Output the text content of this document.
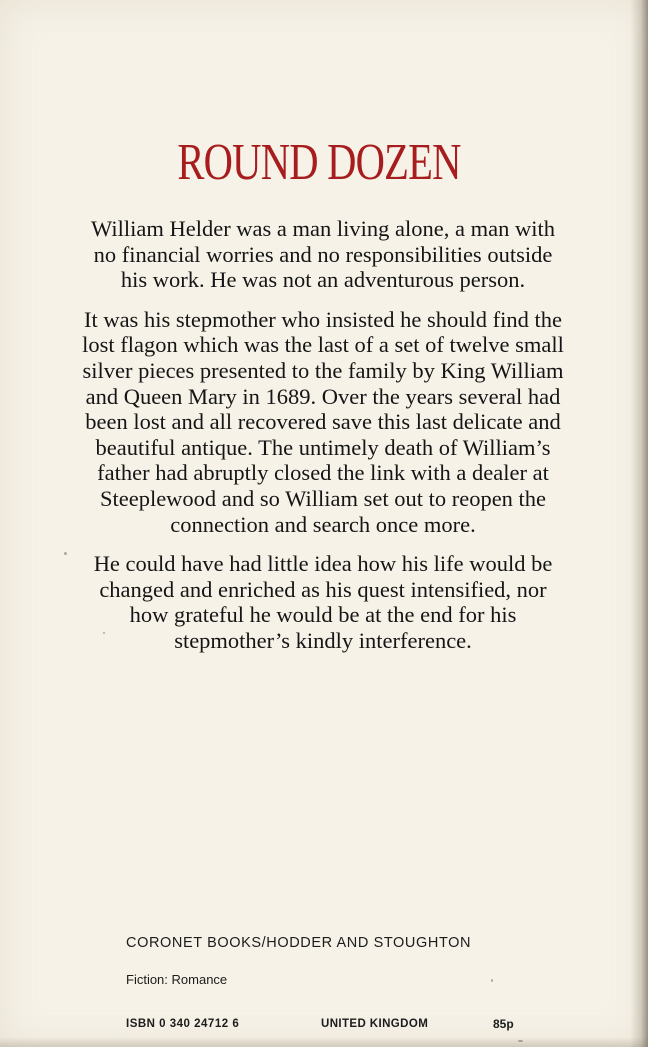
ROUND DOZEN

William Helder was a man living alone, a man with no financial worries and no responsibilities outside his work. He was not an adventurous person.

It was his stepmother who insisted he should find the lost flagon which was the last of a set of twelve small silver pieces presented to the family by King William and Queen Mary in 1689. Over the years several had been lost and all recovered save this last delicate and beautiful antique. The untimely death of William’s father had abruptly closed the link with a dealer at Steeplewood and so William set out to reopen the connection and search once more.

He could have had little idea how his life would be changed and enriched as his quest intensified, nor how grateful he would be at the end for his stepmother’s kindly interference.

CORONET BOOKS/HODDER AND STOUGHTON
Fiction: Romance
ISBN 0 340 24712 6	UNITED KINGDOM	85p
